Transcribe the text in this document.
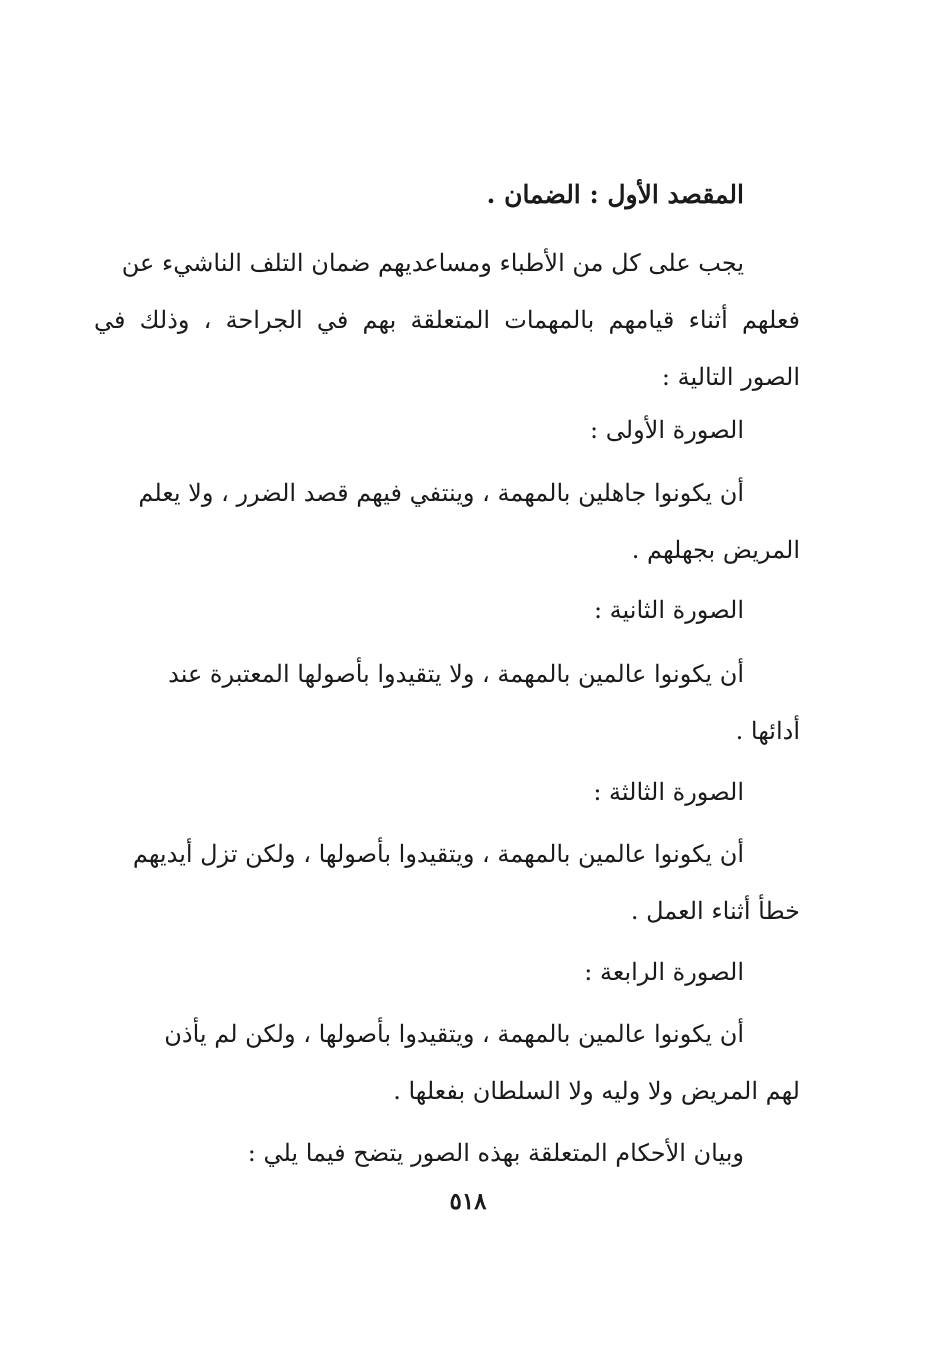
المقصد الأول : الضمان .
يجب على كل من الأطباء ومساعديهم ضمان التلف الناشيء عن
فعلهم أثناء قيامهم بالمهمات المتعلقة بهم في الجراحة ، وذلك في الصور التالية :
الصورة الأولى :
أن يكونوا جاهلين بالمهمة ، وينتفي فيهم قصد الضرر ، ولا يعلم
المريض بجهلهم .
الصورة الثانية :
أن يكونوا عالمين بالمهمة ، ولا يتقيدوا بأصولها المعتبرة عند
أدائها .
الصورة الثالثة :
أن يكونوا عالمين بالمهمة ، ويتقيدوا بأصولها ، ولكن تزل أيديهم
خطأ أثناء العمل .
الصورة الرابعة :
أن يكونوا عالمين بالمهمة ، ويتقيدوا بأصولها ، ولكن لم يأذن
لهم المريض ولا وليه ولا السلطان بفعلها .
وبيان الأحكام المتعلقة بهذه الصور يتضح فيما يلي :
٥١٨
